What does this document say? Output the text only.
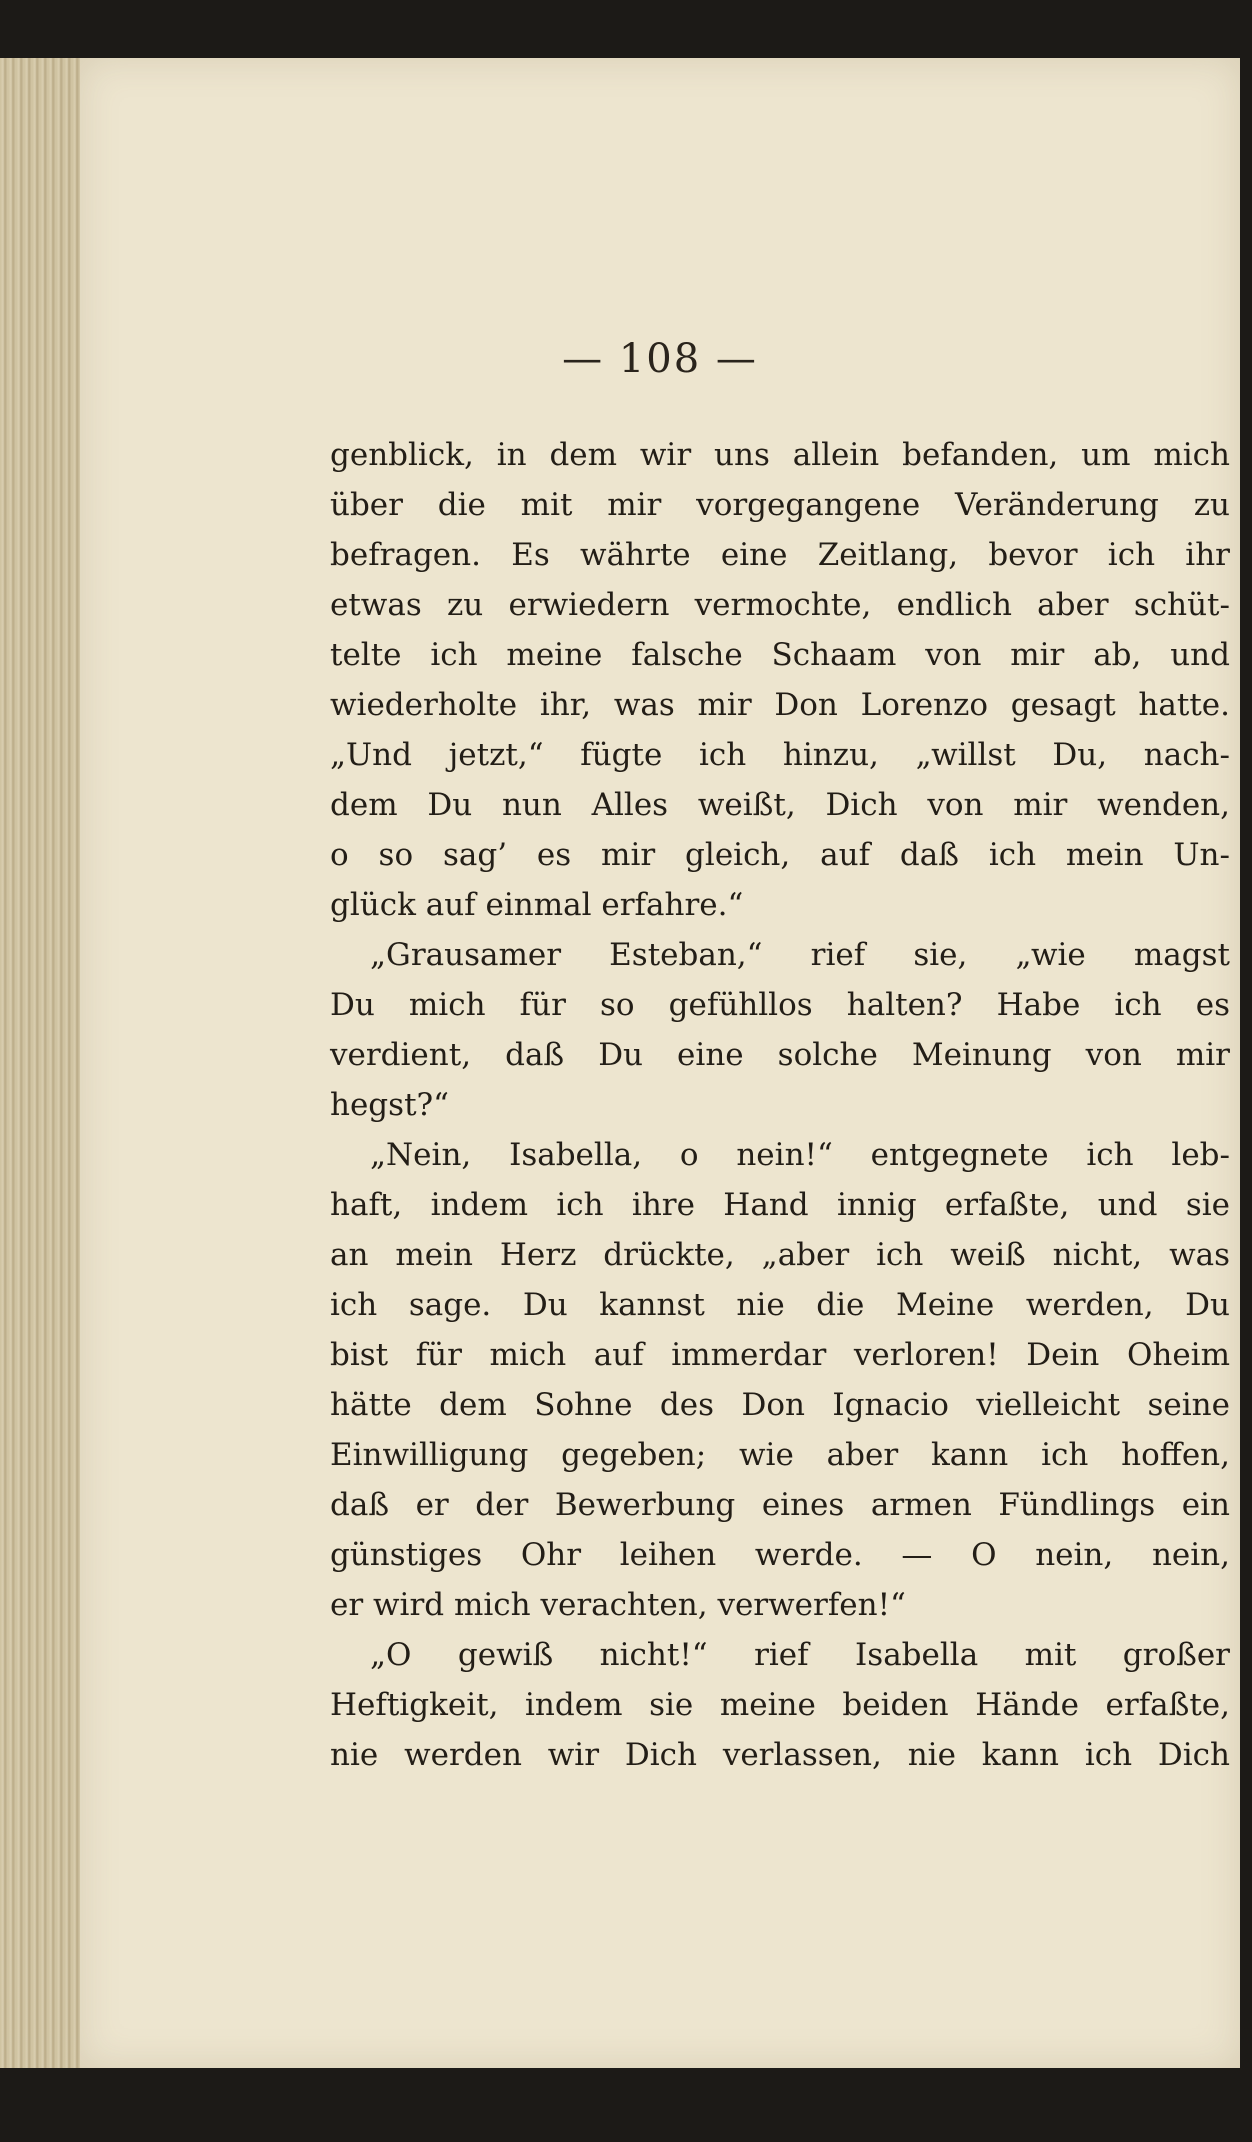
— 108 —
genblick, in dem wir uns allein befanden, um mich
über die mit mir vorgegangene Veränderung zu
befragen. Es währte eine Zeitlang, bevor ich ihr
etwas zu erwiedern vermochte, endlich aber schüt-
telte ich meine falsche Schaam von mir ab, und
wiederholte ihr, was mir Don Lorenzo gesagt hatte.
„Und jetzt,“ fügte ich hinzu, „willst Du, nach-
dem Du nun Alles weißt, Dich von mir wenden,
o so sag’ es mir gleich, auf daß ich mein Un-
glück auf einmal erfahre.“
„Grausamer Esteban,“ rief sie, „wie magst
Du mich für so gefühllos halten? Habe ich es
verdient, daß Du eine solche Meinung von mir
hegst?“
„Nein, Isabella, o nein!“ entgegnete ich leb-
haft, indem ich ihre Hand innig erfaßte, und sie
an mein Herz drückte, „aber ich weiß nicht, was
ich sage. Du kannst nie die Meine werden, Du
bist für mich auf immerdar verloren! Dein Oheim
hätte dem Sohne des Don Ignacio vielleicht seine
Einwilligung gegeben; wie aber kann ich hoffen,
daß er der Bewerbung eines armen Fündlings ein
günstiges Ohr leihen werde. — O nein, nein,
er wird mich verachten, verwerfen!“
„O gewiß nicht!“ rief Isabella mit großer
Heftigkeit, indem sie meine beiden Hände erfaßte,
nie werden wir Dich verlassen, nie kann ich Dich
